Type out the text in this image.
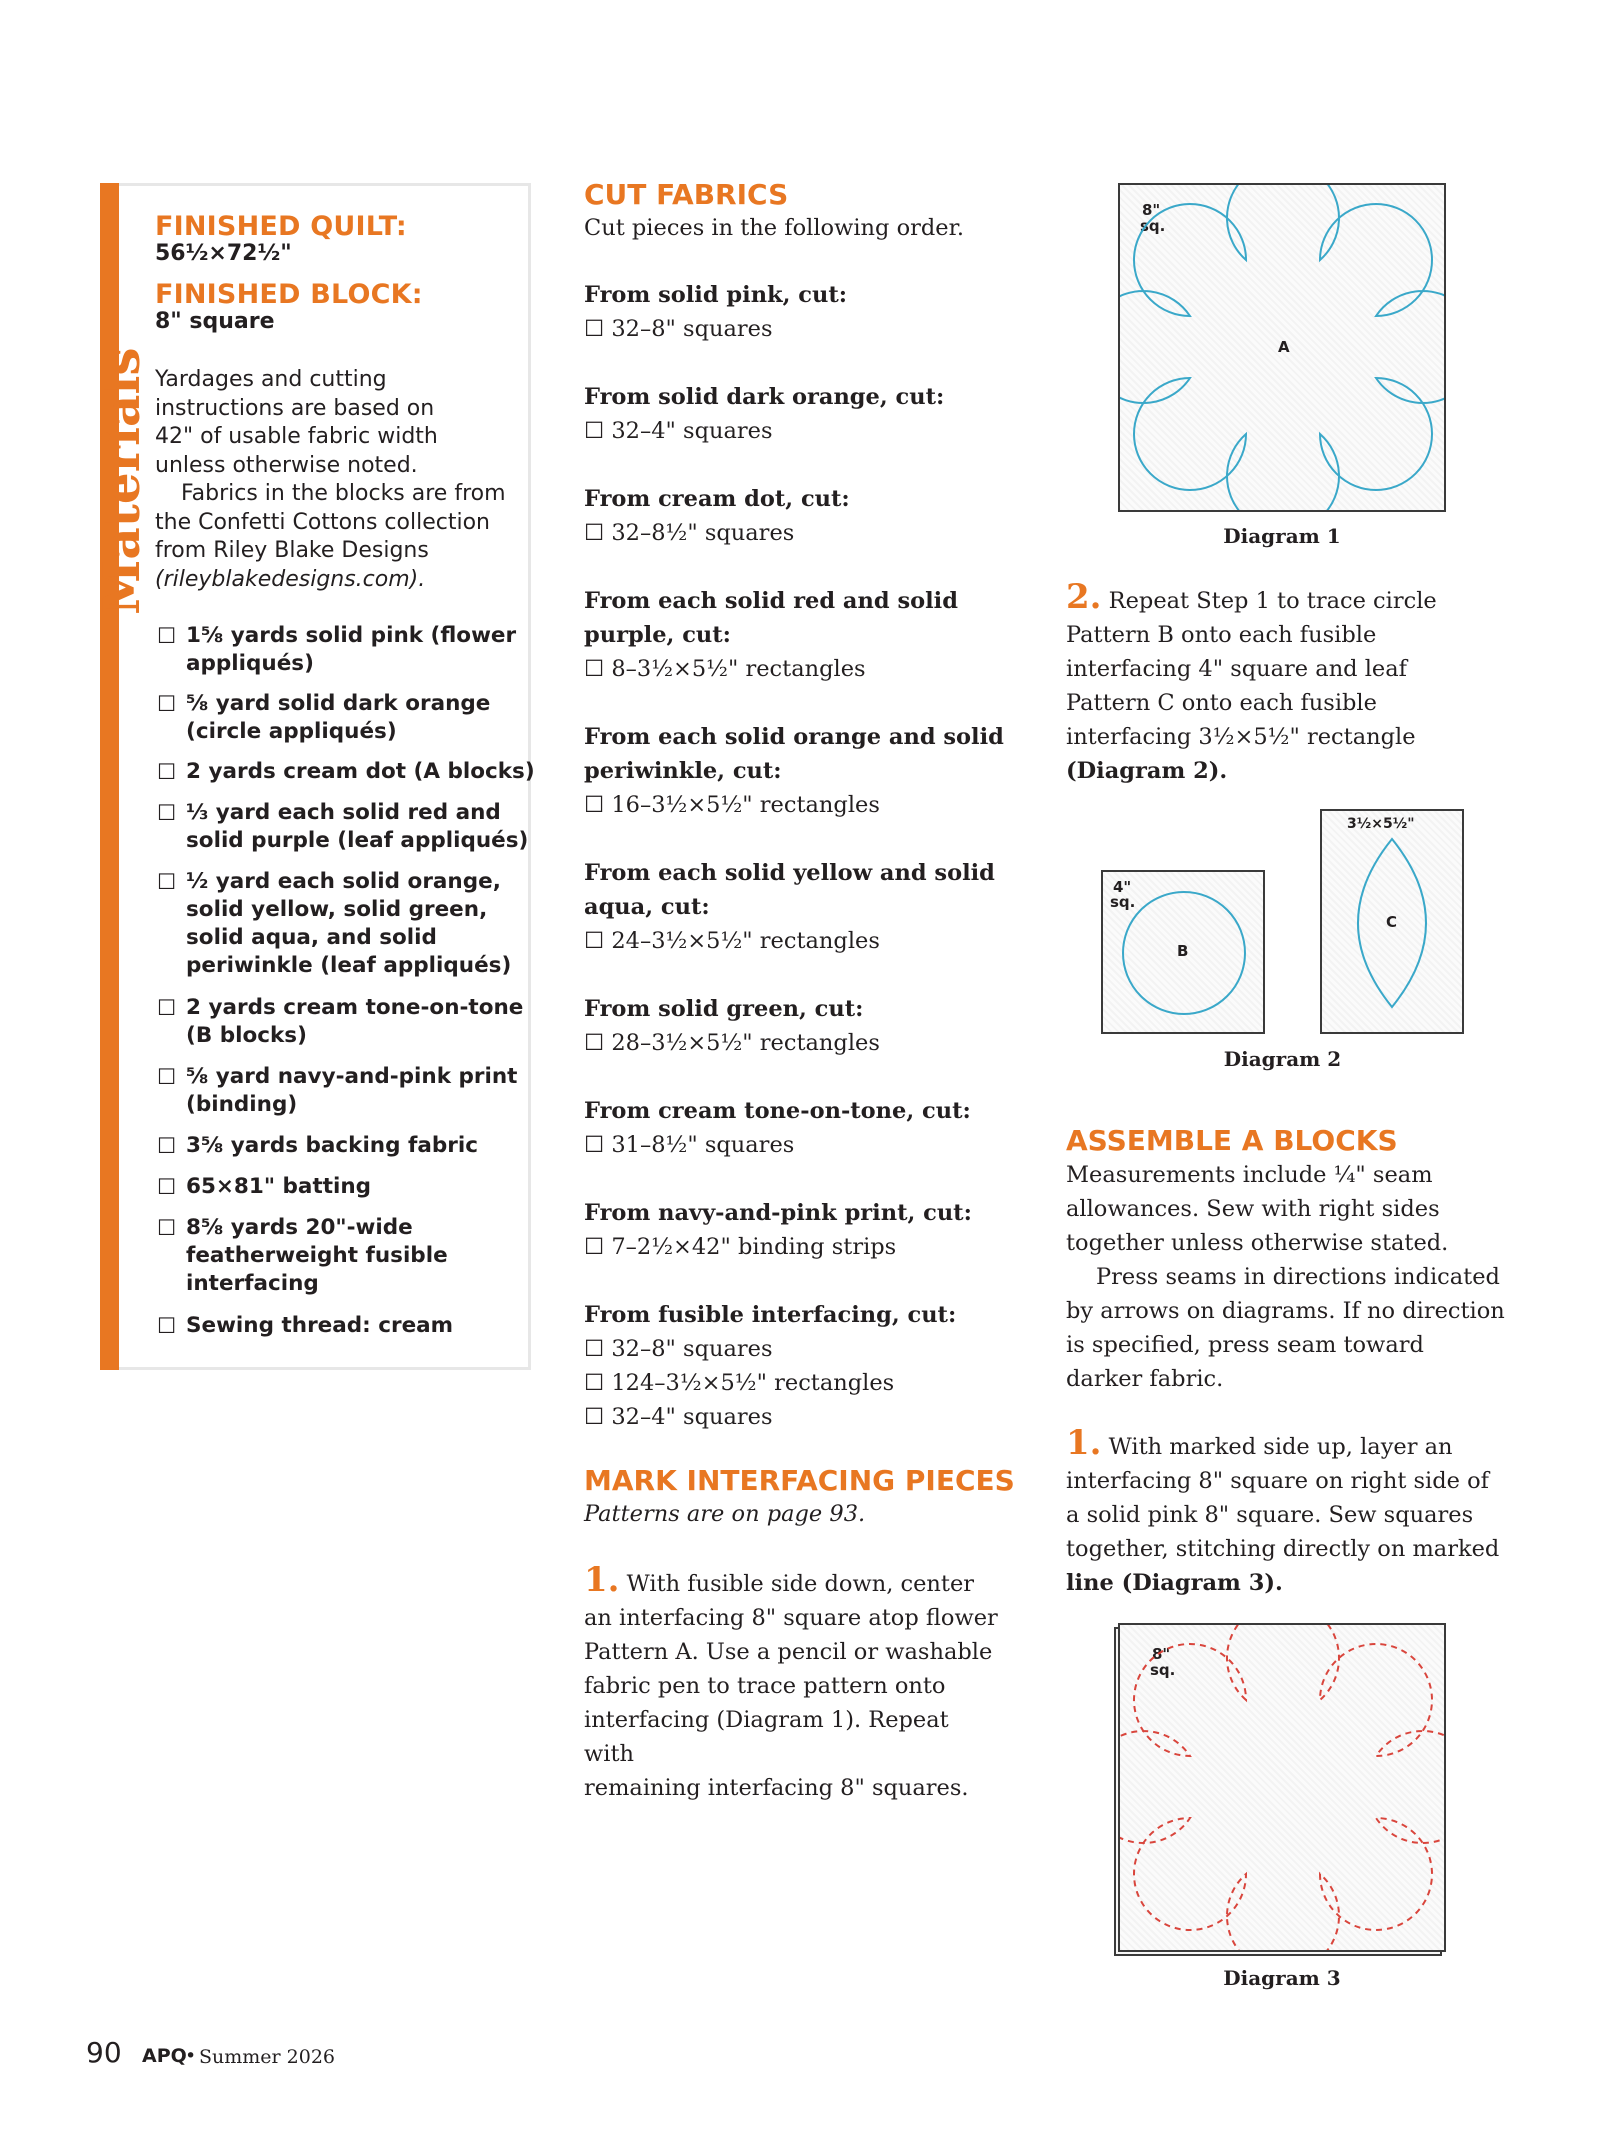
Materials
FINISHED QUILT:
56½×72½"
FINISHED BLOCK:
8" square
Yardages and cutting
instructions are based on
42" of usable fabric width
unless otherwise noted.
Fabrics in the blocks are from
the Confetti Cottons collection
from Riley Blake Designs
(rileyblakedesigns.com).
☐ 1⅝ yards solid pink (flower
appliqués)
☐ ⅝ yard solid dark orange
(circle appliqués)
☐ 2 yards cream dot (A blocks)
☐ ⅓ yard each solid red and
solid purple (leaf appliqués)
☐ ½ yard each solid orange,
solid yellow, solid green,
solid aqua, and solid
periwinkle (leaf appliqués)
☐ 2 yards cream tone-on-tone
(B blocks)
☐ ⅝ yard navy-and-pink print
(binding)
☐ 3⅝ yards backing fabric
☐ 65×81" batting
☐ 8⅝ yards 20"-wide
featherweight fusible
interfacing
☐ Sewing thread: cream
CUT FABRICS
Cut pieces in the following order.
From solid pink, cut:
☐ 32–8" squares
From solid dark orange, cut:
☐ 32–4" squares
From cream dot, cut:
☐ 32–8½" squares
From each solid red and solid
purple, cut:
☐ 8–3½×5½" rectangles
From each solid orange and solid
periwinkle, cut:
☐ 16–3½×5½" rectangles
From each solid yellow and solid
aqua, cut:
☐ 24–3½×5½" rectangles
From solid green, cut:
☐ 28–3½×5½" rectangles
From cream tone-on-tone, cut:
☐ 31–8½" squares
From navy-and-pink print, cut:
☐ 7–2½×42" binding strips
From fusible interfacing, cut:
☐ 32–8" squares
☐ 124–3½×5½" rectangles
☐ 32–4" squares
MARK INTERFACING PIECES
Patterns are on page 93.
1. With fusible side down, center
an interfacing 8" square atop flower
Pattern A. Use a pencil or washable
fabric pen to trace pattern onto
interfacing (Diagram 1). Repeat with
remaining interfacing 8" squares.
8"
sq.
A
Diagram 1
2. Repeat Step 1 to trace circle
Pattern B onto each fusible
interfacing 4" square and leaf
Pattern C onto each fusible
interfacing 3½×5½" rectangle
(Diagram 2).
4"
sq.
B
3½×5½"
C
Diagram 2
ASSEMBLE A BLOCKS
Measurements include ¼" seam
allowances. Sew with right sides
together unless otherwise stated.
Press seams in directions indicated
by arrows on diagrams. If no direction
is specified, press seam toward
darker fabric.
1. With marked side up, layer an
interfacing 8" square on right side of
a solid pink 8" square. Sew squares
together, stitching directly on marked
line (Diagram 3).
8"
sq.
Diagram 3
90 APQ
• Summer 2026
